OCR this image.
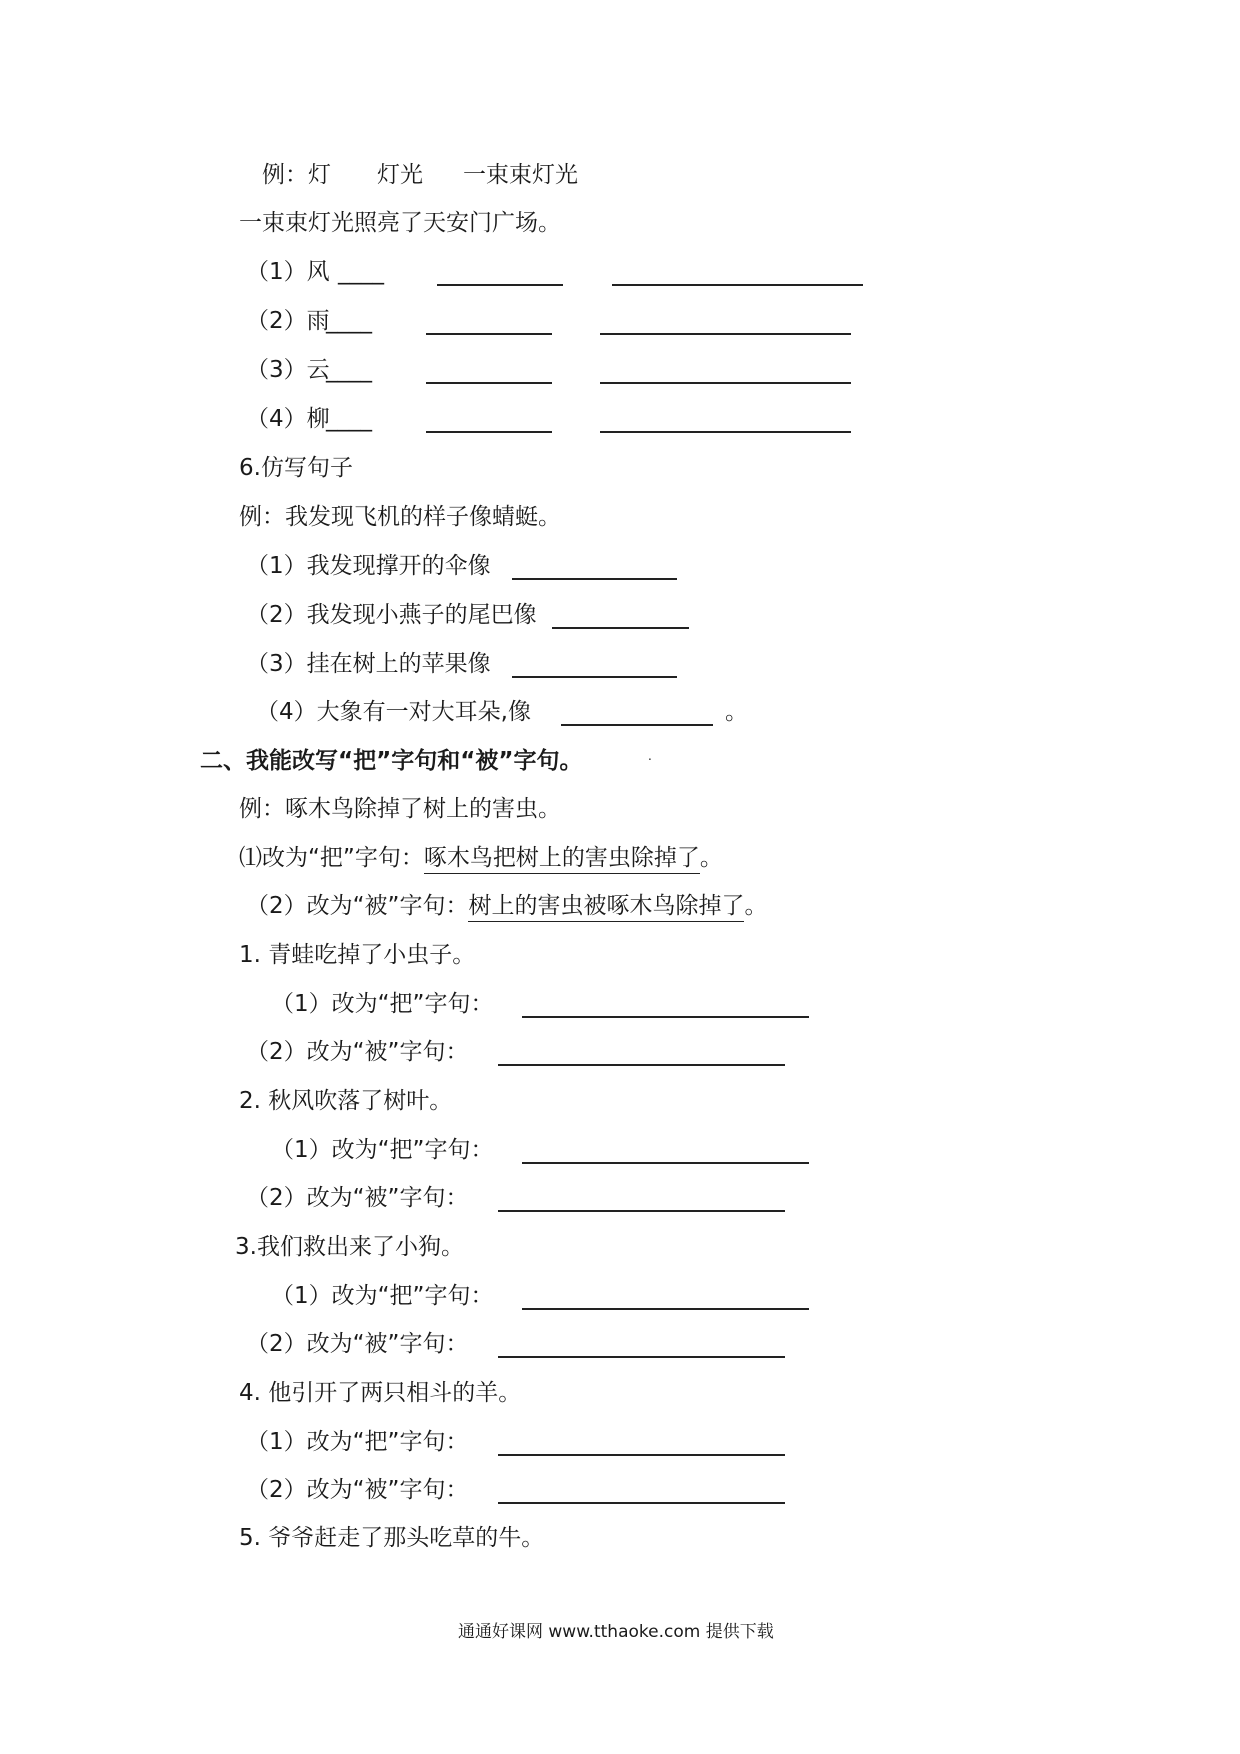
例：灯 灯光 一束束灯光
一束束灯光照亮了天安门广场。
（1）风 ____
（2）雨
____
（3）云
____
（4）柳
____
6.仿写句子
例：我发现飞机的样子像蜻蜓。
（1）我发现撑开的伞像
（2）我发现小燕子的尾巴像
（3）挂在树上的苹果像
（4）大象有一对大耳朵,像	。
二、我能改写“把”字句和“被”字句。	.
例：啄木鸟除掉了树上的害虫。
⑴改为“把”字句：啄木鸟把树上的害虫除掉了。
（2）改为“被”字句：树上的害虫被啄木鸟除掉了。
1. 青蛙吃掉了小虫子。
（1）改为“把”字句：
（2）改为“被”字句：
2. 秋风吹落了树叶。
（1）改为“把”字句：
（2）改为“被”字句：
3.我们救出来了小狗。
（1）改为“把”字句：
（2）改为“被”字句：
4. 他引开了两只相斗的羊。
（1）改为“把”字句：
（2）改为“被”字句：
5. 爷爷赶走了那头吃草的牛。
通通好课网 www.tthaoke.com 提供下载
